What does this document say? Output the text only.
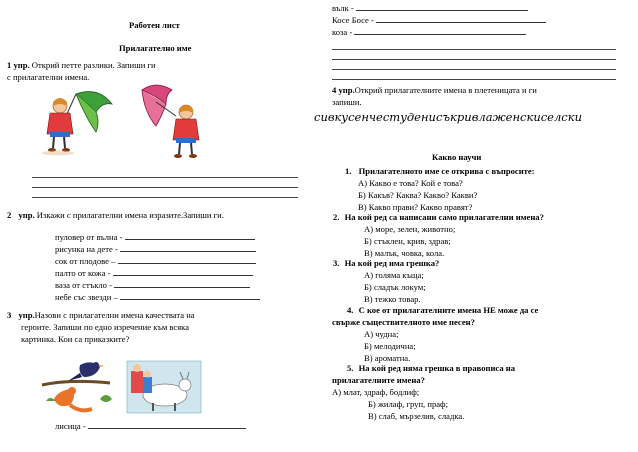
Работен лист
Прилагателно име
1 упр. Открий петте разлики. Запиши ги
с прилагателни имена.
2 упр. Изкажи с прилагателни имена изразите.Запиши ги.
пуловер от вълна -
рисунка на дете -
сок от плодове –
палто от кожа -
ваза от стъкло -
небе със звезди –
3 упр.Назови с прилагателни имена качествата на
героите. Запиши по едно изречение към всяка
картинка. Кои са приказките?
лисица -
вълк -
Косе Босе -
коза -
4 упр.Открий прилагателните имена в плетеницата и ги
запиши.
сивкусенчестудeнисъкривлаженскиселски
Какво научи
1. Прилагателното име се открива с въпросите:
А) Какво е това? Кой е това?
Б) Какъв? Каква? Какво? Какви?
В) Какво прави? Какво правят?
2. На кой ред са написани само прилагателни имена?
А) море, зелен, животно;
Б) стъклен, крив, здрав;
В) малък, човка, кола.
3. На кой ред има грешка?
А) голяма къща;
Б) сладък локум;
В) тежко товар.
4. С кое от прилагателните имена НЕ може да се
свърже съществителното име песен?
А) чудна;
Б) мелодична;
В) ароматна.
5. На кой ред няма грешка в правописа на
прилагателните имена?
А) млат, здраф, бодлиф;
Б) жилаф, груп, праф;
В) слаб, мързелив, сладка.
